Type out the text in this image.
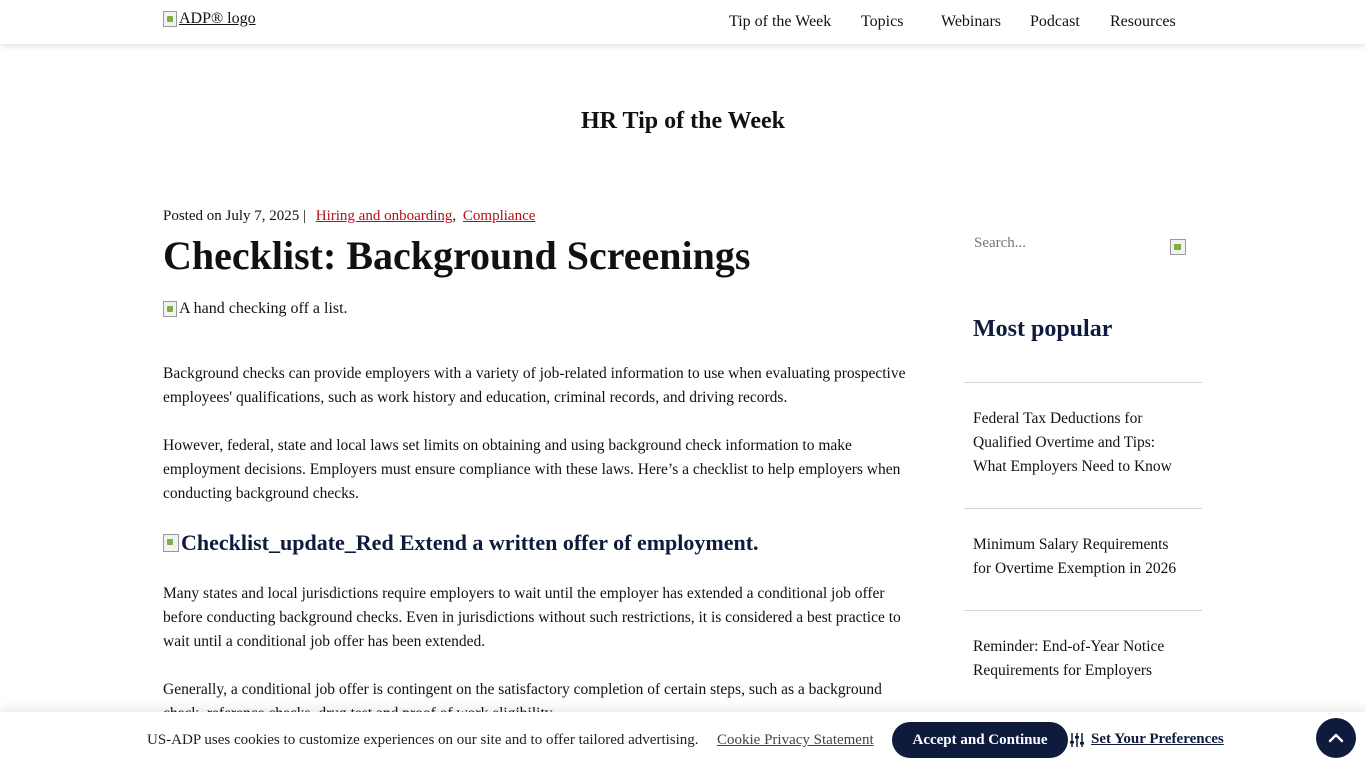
ADP® logo	Tip of the Week Topics Webinars Podcast Resources
HR Tip of the Week
Posted on July 7, 2025 | Hiring and onboarding, Compliance
Checklist: Background Screenings
A hand checking off a list.

Background checks can provide employers with a variety of job-related information to use when evaluating prospective employees' qualifications, such as work history and education, criminal records, and driving records.

However, federal, state and local laws set limits on obtaining and using background check information to make employment decisions. Employers must ensure compliance with these laws. Here’s a checklist to help employers when conducting background checks.

Checklist_update_Red Extend a written offer of employment.

Many states and local jurisdictions require employers to wait until the employer has extended a conditional job offer before conducting background checks. Even in jurisdictions without such restrictions, it is considered a best practice to wait until a conditional job offer has been extended.

Generally, a conditional job offer is contingent on the satisfactory completion of certain steps, such as a background

Search...
Most popular
Federal Tax Deductions for Qualified Overtime and Tips: What Employers Need to Know
Minimum Salary Requirements for Overtime Exemption in 2026
Reminder: End-of-Year Notice Requirements for Employers
US-ADP uses cookies to customize experiences on our site and to offer tailored advertising. Cookie Privacy Statement	Accept and Continue	Set Your Preferences
